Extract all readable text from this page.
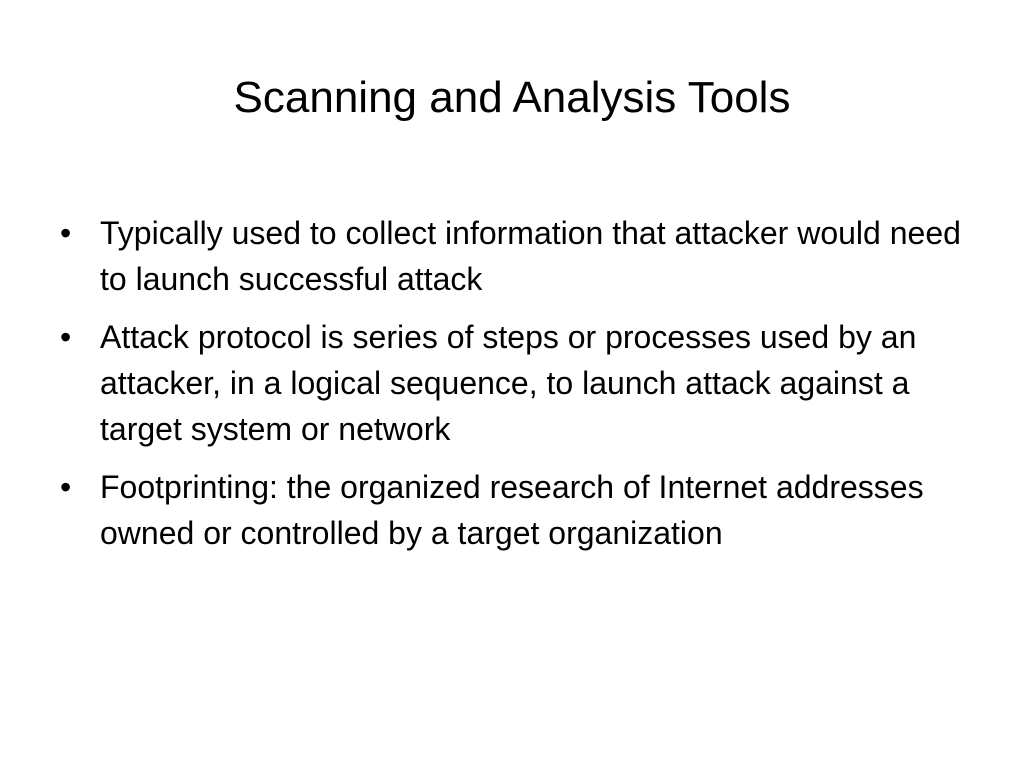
Scanning and Analysis Tools
• Typically used to collect information that attacker would need to launch successful attack
• Attack protocol is series of steps or processes used by an attacker, in a logical sequence, to launch attack against a target system or network
• Footprinting: the organized research of Internet addresses owned or controlled by a target organization
